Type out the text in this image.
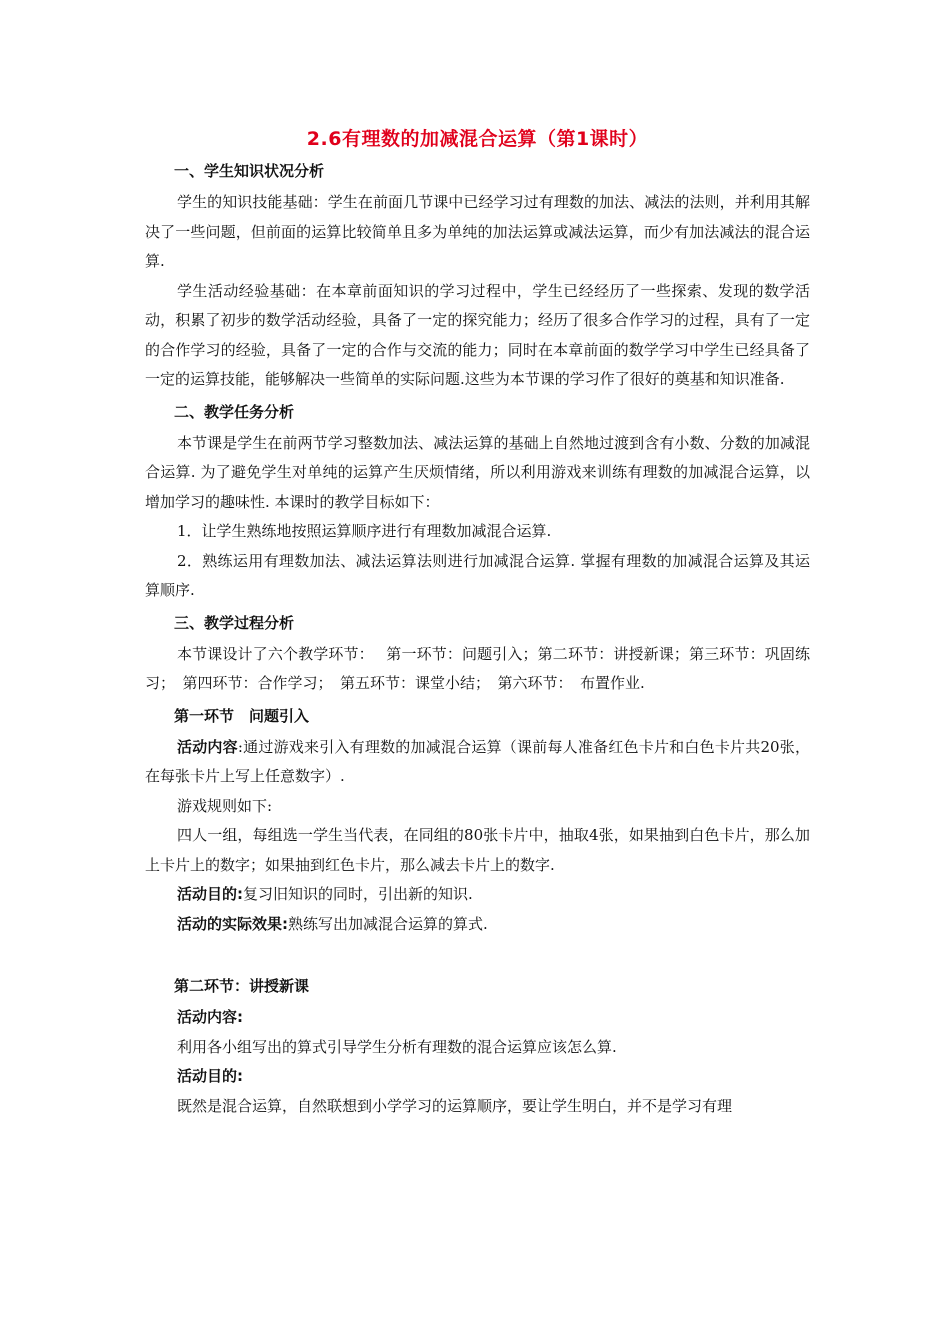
2.6有理数的加减混合运算（第1课时）
一、学生知识状况分析

学生的知识技能基础：学生在前面几节课中已经学习过有理数的加法、减法的法则，并利用其解决了一些问题，但前面的运算比较简单且多为单纯的加法运算或减法运算，而少有加法减法的混合运算.

学生活动经验基础：在本章前面知识的学习过程中，学生已经经历了一些探索、发现的数学活动，积累了初步的数学活动经验，具备了一定的探究能力；经历了很多合作学习的过程，具有了一定的合作学习的经验，具备了一定的合作与交流的能力；同时在本章前面的数学学习中学生已经具备了一定的运算技能，能够解决一些简单的实际问题.这些为本节课的学习作了很好的奠基和知识准备.

二、教学任务分析

本节课是学生在前两节学习整数加法、减法运算的基础上自然地过渡到含有小数、分数的加减混合运算. 为了避免学生对单纯的运算产生厌烦情绪，所以利用游戏来训练有理数的加减混合运算，以增加学习的趣味性. 本课时的教学目标如下：

1．让学生熟练地按照运算顺序进行有理数加减混合运算.

2．熟练运用有理数加法、减法运算法则进行加减混合运算. 掌握有理数的加减混合运算及其运算顺序.

三、教学过程分析

本节课设计了六个教学环节：　 第一环节：问题引入；第二环节：讲授新课；第三环节：巩固练习；　第四环节：合作学习；　第五环节：课堂小结；　第六环节：　布置作业.

第一环节　问题引入

活动内容:通过游戏来引入有理数的加减混合运算（课前每人准备红色卡片和白色卡片共20张，在每张卡片上写上任意数字）.

游戏规则如下:

四人一组，每组选一学生当代表，在同组的80张卡片中，抽取4张，如果抽到白色卡片，那么加上卡片上的数字；如果抽到红色卡片，那么减去卡片上的数字.

活动目的:复习旧知识的同时，引出新的知识.

活动的实际效果:熟练写出加减混合运算的算式.

第二环节：讲授新课

活动内容:

利用各小组写出的算式引导学生分析有理数的混合运算应该怎么算.

活动目的:

既然是混合运算，自然联想到小学学习的运算顺序，要让学生明白，并不是学习有理
